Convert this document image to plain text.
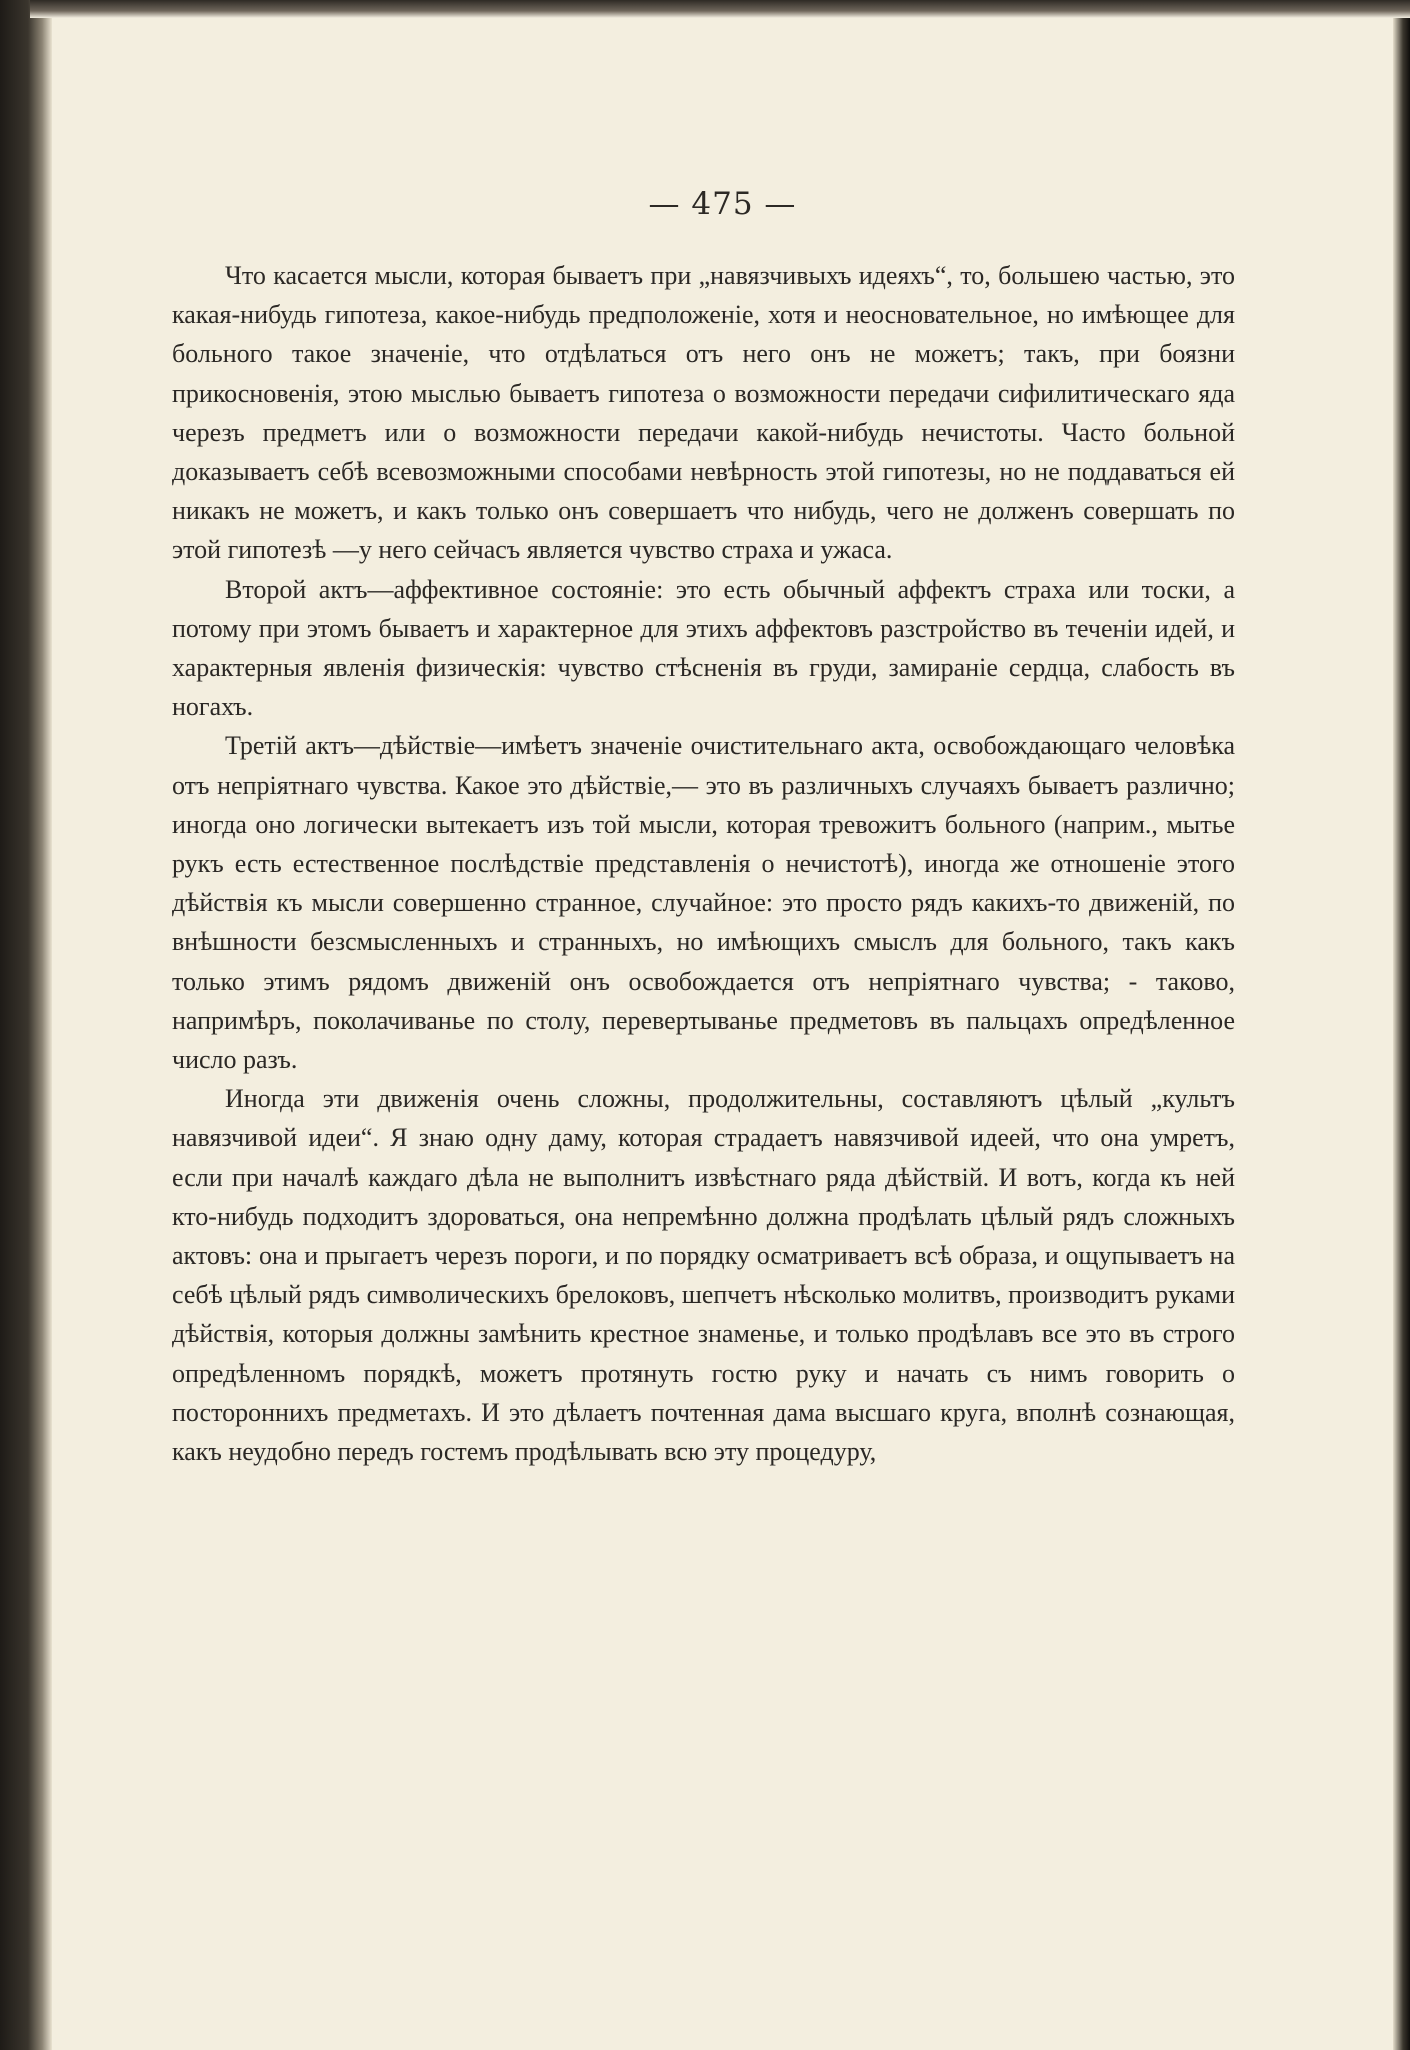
— 475 —

Что касается мысли, которая бываетъ при „навязчивыхъ идеяхъ“, то, большею частью, это какая-нибудь гипотеза, какое-нибудь предположенiе, хотя и неосновательное, но имѣющее для больного такое значенiе, что отдѣлаться отъ него онъ не можетъ; такъ, при боязни прикосновенiя, этою мыслью бываетъ гипотеза о возможности передачи сифилитическаго яда черезъ предметъ или о возможности передачи какой-нибудь нечистоты. Часто больной доказываетъ себѣ всевозможными способами невѣрность этой гипотезы, но не поддаваться ей никакъ не можетъ, и какъ только онъ совершаетъ что нибудь, чего не долженъ совершать по этой гипотезѣ —у него сейчасъ является чувство страха и ужаса.

Второй актъ—аффективное состоянiе: это есть обычный аффектъ страха или тоски, а потому при этомъ бываетъ и характерное для этихъ аффектовъ разстройство въ теченiи идей, и характерныя явленiя физическiя: чувство стѣсненiя въ груди, замиранiе сердца, слабость въ ногахъ.

Третiй актъ—дѣйствiе—имѣетъ значенiе очистительнаго акта, освобождающаго человѣка отъ непрiятнаго чувства. Какое это дѣйствiе,— это въ различныхъ случаяхъ бываетъ различно; иногда оно логически вытекаетъ изъ той мысли, которая тревожитъ больного (наприм., мытье рукъ есть естественное послѣдствiе представленiя о нечистотѣ), иногда же отношенiе этого дѣйствiя къ мысли совершенно странное, случайное: это просто рядъ какихъ-то движенiй, по внѣшности безсмысленныхъ и странныхъ, но имѣющихъ смыслъ для больного, такъ какъ только этимъ рядомъ движенiй онъ освобождается отъ непрiятнаго чувства; - таково, напримѣръ, поколачиванье по столу, перевертыванье предметовъ въ пальцахъ опредѣленное число разъ.

Иногда эти движенiя очень сложны, продолжительны, составляютъ цѣлый „культъ навязчивой идеи“. Я знаю одну даму, которая страдаетъ навязчивой идеей, что она умретъ, если при началѣ каждаго дѣла не выполнитъ извѣстнаго ряда дѣйствiй. И вотъ, когда къ ней кто-нибудь подходитъ здороваться, она непремѣнно должна продѣлать цѣлый рядъ сложныхъ актовъ: она и прыгаетъ черезъ пороги, и по порядку осматриваетъ всѣ образа, и ощупываетъ на себѣ цѣлый рядъ символическихъ брелоковъ, шепчетъ нѣсколько молитвъ, производитъ руками дѣйствiя, которыя должны замѣнить крестное знаменье, и только продѣлавъ все это въ строго опредѣленномъ порядкѣ, можетъ протянуть гостю руку и начать съ нимъ говорить о постороннихъ предметахъ. И это дѣлаетъ почтенная дама высшаго круга, вполнѣ сознающая, какъ неудобно передъ гостемъ продѣлывать всю эту процедуру,
